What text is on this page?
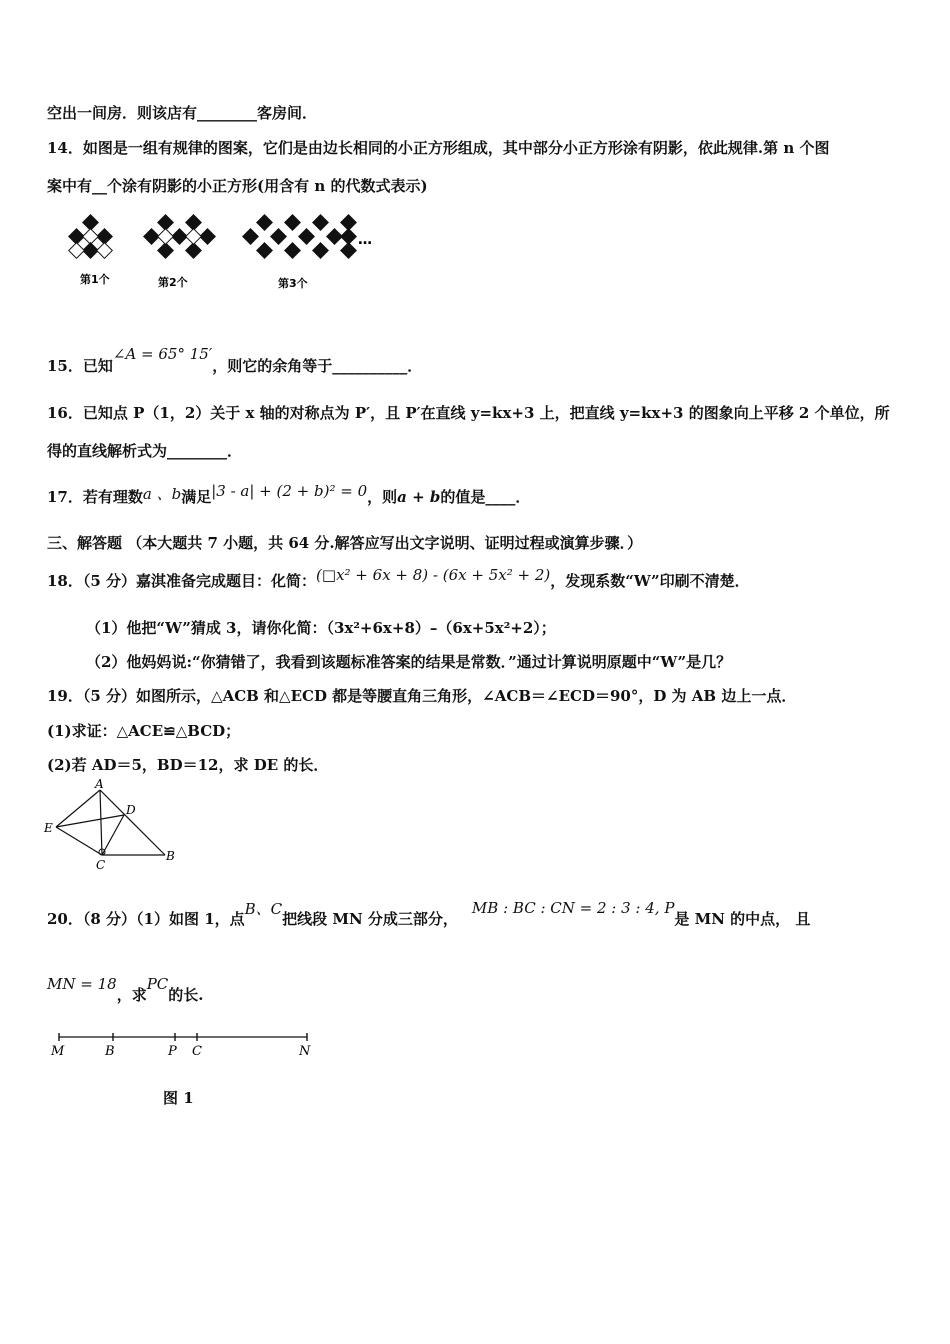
空出一间房．则该店有________客房间．
14．如图是一组有规律的图案，它们是由边长相同的小正方形组成，其中部分小正方形涂有阴影，依此规律.第 n 个图
案中有__个涂有阴影的小正方形(用含有 n 的代数式表示)
…
第1个	第2个	第3个
15．已知∠A = 65° 15′，则它的余角等于__________．
16．已知点 P（1，2）关于 x 轴的对称点为 P′，且 P′在直线 y=kx+3 上，把直线 y=kx+3 的图象向上平移 2 个单位，所
得的直线解析式为________．
17．若有理数a 、b满足|3 - a| + (2 + b)² = 0，则a + b的值是____．
三、解答题 （本大题共 7 小题，共 64 分.解答应写出文字说明、证明过程或演算步骤．）
18．（5 分）嘉淇准备完成题目：化简：(□x² + 6x + 8) - (6x + 5x² + 2)，发现系数“W”印刷不清楚．
（1）他把“W”猜成 3，请你化简：（3x²+6x+8）–（6x+5x²+2）；
（2）他妈妈说:“你猜错了，我看到该题标准答案的结果是常数．”通过计算说明原题中“W”是几？
19．（5 分）如图所示，△ACB 和△ECD 都是等腰直角三角形，∠ACB＝∠ECD＝90°，D 为 AB 边上一点．
(1)求证：△ACE≌△BCD；
(2)若 AD＝5，BD＝12，求 DE 的长．
A
D
E
C
B
20．（8 分）（1）如图 1，点B、C把线段 MN 分成三部分，MB : BC : CN = 2 : 3 : 4, P是 MN 的中点， 且
MN = 18，求PC的长.
M	B	P C	N
图 1
